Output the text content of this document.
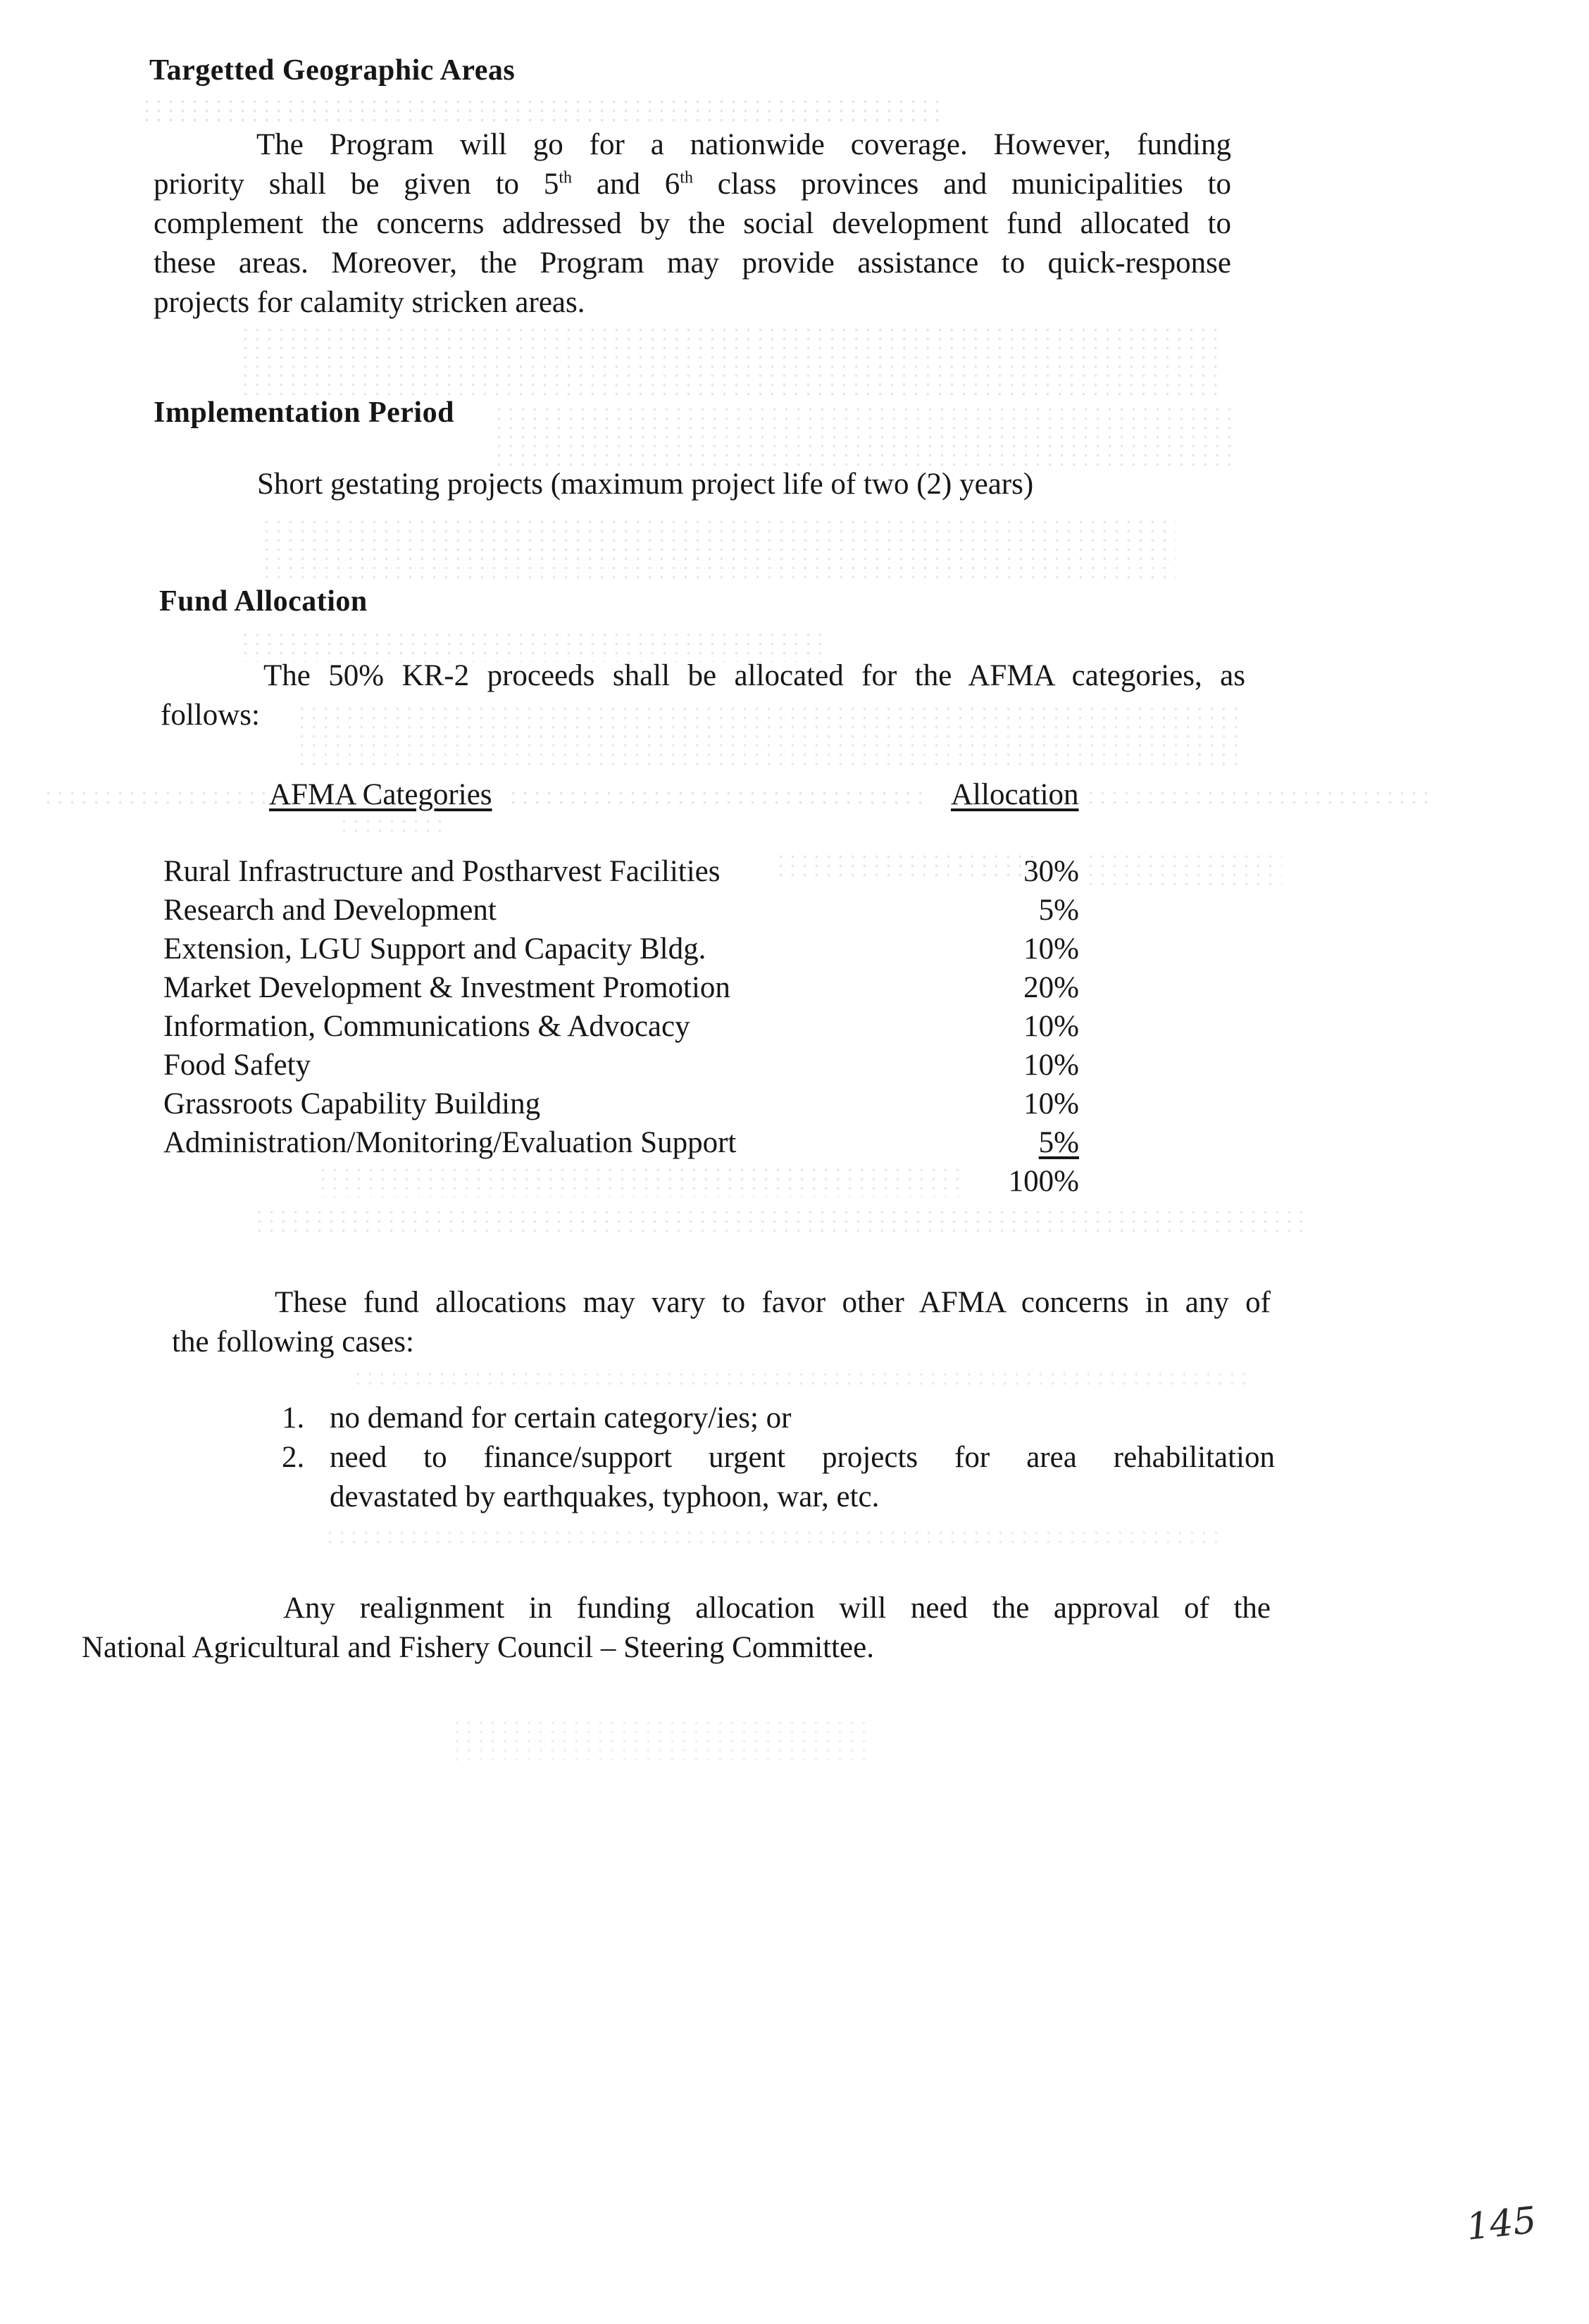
Targetted Geographic Areas
The Program will go for a nationwide coverage. However, funding
priority shall be given to 5th and 6th class provinces and municipalities to
complement the concerns addressed by the social development fund allocated to
these areas. Moreover, the Program may provide assistance to quick-response
projects for calamity stricken areas.
Implementation Period
Short gestating projects (maximum project life of two (2) years)
Fund Allocation
The 50% KR-2 proceeds shall be allocated for the AFMA categories, as
follows:
AFMA Categories	Allocation
Rural Infrastructure and Postharvest Facilities	30%
Research and Development	5%
Extension, LGU Support and Capacity Bldg.	10%
Market Development & Investment Promotion	20%
Information, Communications & Advocacy	10%
Food Safety	10%
Grassroots Capability Building	10%
Administration/Monitoring/Evaluation Support	5%
100%
These fund allocations may vary to favor other AFMA concerns in any of
the following cases:
1. no demand for certain category/ies; or
2. need to finance/support urgent projects for area rehabilitation
devastated by earthquakes, typhoon, war, etc.
Any realignment in funding allocation will need the approval of the
National Agricultural and Fishery Council – Steering Committee.
145
